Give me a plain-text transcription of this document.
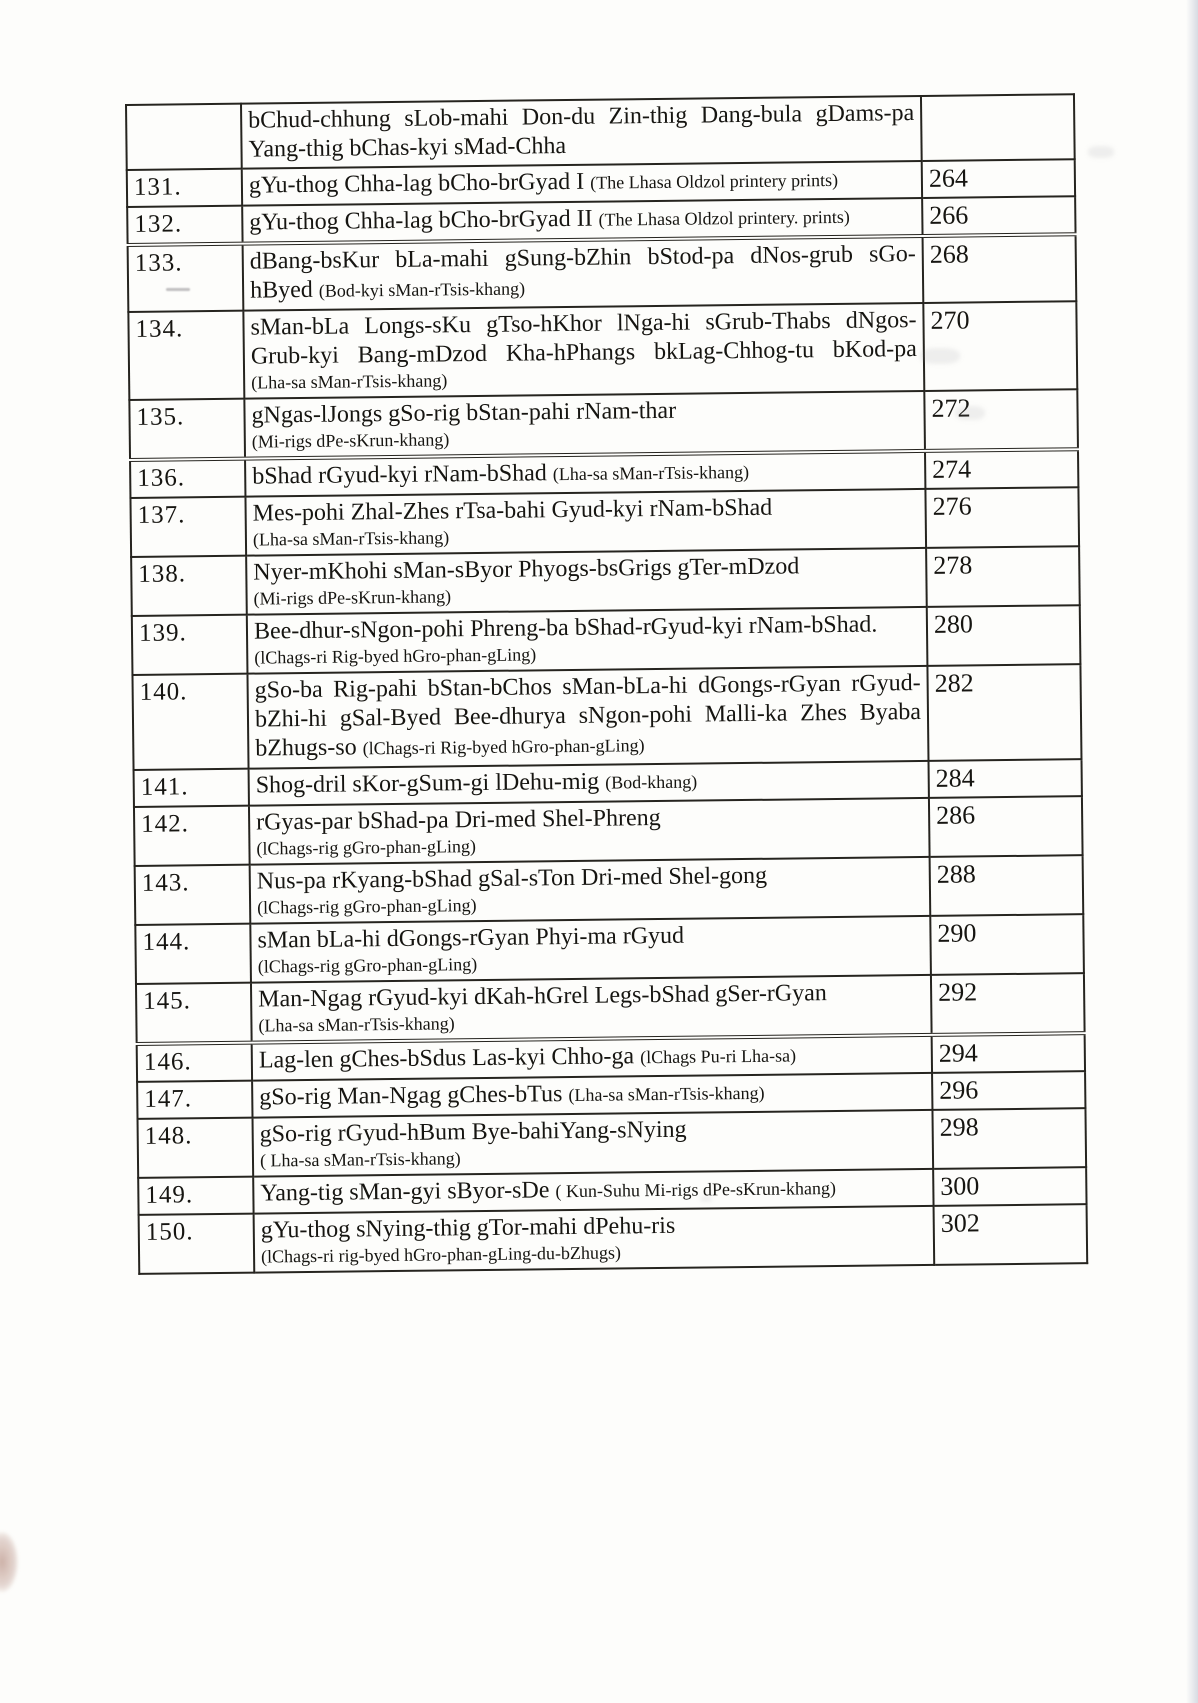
	bChud-chhung sLob-mahi Don-du Zin-thig Dang-bula gDams-pa
Yang-thig bChas-kyi sMad-Chha	

131.	gYu-thog Chha-lag bCho-brGyad I (The Lhasa Oldzol printery prints)	264
132.	gYu-thog Chha-lag bCho-brGyad II (The Lhasa Oldzol printery. prints)	266
133.	dBang-bsKur bLa-mahi gSung-bZhin bStod-pa dNos-grub sGo-
hByed (Bod-kyi sMan-rTsis-khang)	268
134.	sMan-bLa Longs-sKu gTso-hKhor lNga-hi sGrub-Thabs dNgos-
Grub-kyi Bang-mDzod Kha-hPhangs bkLag-Chhog-tu bKod-pa
(Lha-sa sMan-rTsis-khang)	270
135.	gNgas-lJongs gSo-rig bStan-pahi rNam-thar
(Mi-rigs dPe-sKrun-khang)	272
136.	bShad rGyud-kyi rNam-bShad (Lha-sa sMan-rTsis-khang)	274
137.	Mes-pohi Zhal-Zhes rTsa-bahi Gyud-kyi rNam-bShad
(Lha-sa sMan-rTsis-khang)	276
138.	Nyer-mKhohi sMan-sByor Phyogs-bsGrigs gTer-mDzod
(Mi-rigs dPe-sKrun-khang)	278
139.	Bee-dhur-sNgon-pohi Phreng-ba bShad-rGyud-kyi rNam-bShad.
(lChags-ri Rig-byed hGro-phan-gLing)	280
140.	gSo-ba Rig-pahi bStan-bChos sMan-bLa-hi dGongs-rGyan rGyud-
bZhi-hi gSal-Byed Bee-dhurya sNgon-pohi Malli-ka Zhes Byaba
bZhugs-so (lChags-ri Rig-byed hGro-phan-gLing)	282
141.	Shog-dril sKor-gSum-gi lDehu-mig (Bod-khang)	284
142.	rGyas-par bShad-pa Dri-med Shel-Phreng
(lChags-rig gGro-phan-gLing)	286
143.	Nus-pa rKyang-bShad gSal-sTon Dri-med Shel-gong
(lChags-rig gGro-phan-gLing)	288
144.	sMan bLa-hi dGongs-rGyan Phyi-ma rGyud
(lChags-rig gGro-phan-gLing)	290
145.	Man-Ngag rGyud-kyi dKah-hGrel Legs-bShad gSer-rGyan
(Lha-sa sMan-rTsis-khang)	292
146.	Lag-len gChes-bSdus Las-kyi Chho-ga (lChags Pu-ri Lha-sa)	294
147.	gSo-rig Man-Ngag gChes-bTus (Lha-sa sMan-rTsis-khang)	296
148.	gSo-rig rGyud-hBum Bye-bahiYang-sNying
( Lha-sa sMan-rTsis-khang)	298
149.	Yang-tig sMan-gyi sByor-sDe ( Kun-Suhu Mi-rigs dPe-sKrun-khang)	300
150.	gYu-thog sNying-thig gTor-mahi dPehu-ris
(lChags-ri rig-byed hGro-phan-gLing-du-bZhugs)	302
